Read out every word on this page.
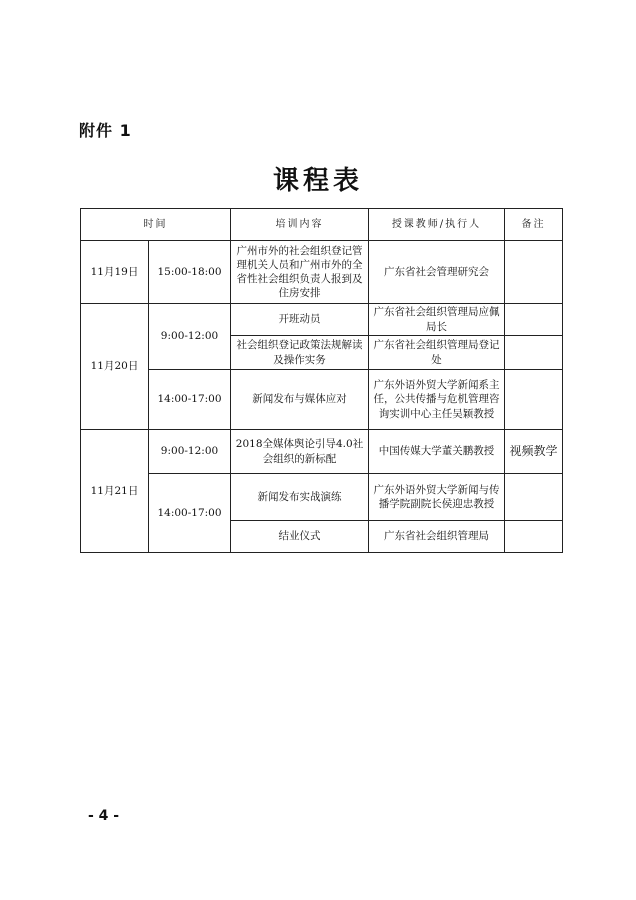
附件 1
课程表
时间		培训内容	授课教师/执行人	备注
11月19日	15:00-18:00	广州市外的社会组织登记管理机关人员和广州市外的全省性社会组织负责人报到及住房安排	广东省社会管理研究会	
11月20日	9:00-12:00	开班动员	广东省社会组织管理局应佩局长	
		社会组织登记政策法规解读及操作实务	广东省社会组织管理局登记处	
	14:00-17:00	新闻发布与媒体应对	广东外语外贸大学新闻系主任，公共传播与危机管理咨询实训中心主任吴颖教授	
11月21日	9:00-12:00	2018全媒体舆论引导4.0社会组织的新标配	中国传媒大学董关鹏教授	视频教学
	14:00-17:00	新闻发布实战演练	广东外语外贸大学新闻与传播学院副院长侯迎忠教授	
		结业仪式	广东省社会组织管理局	
- 4 -
